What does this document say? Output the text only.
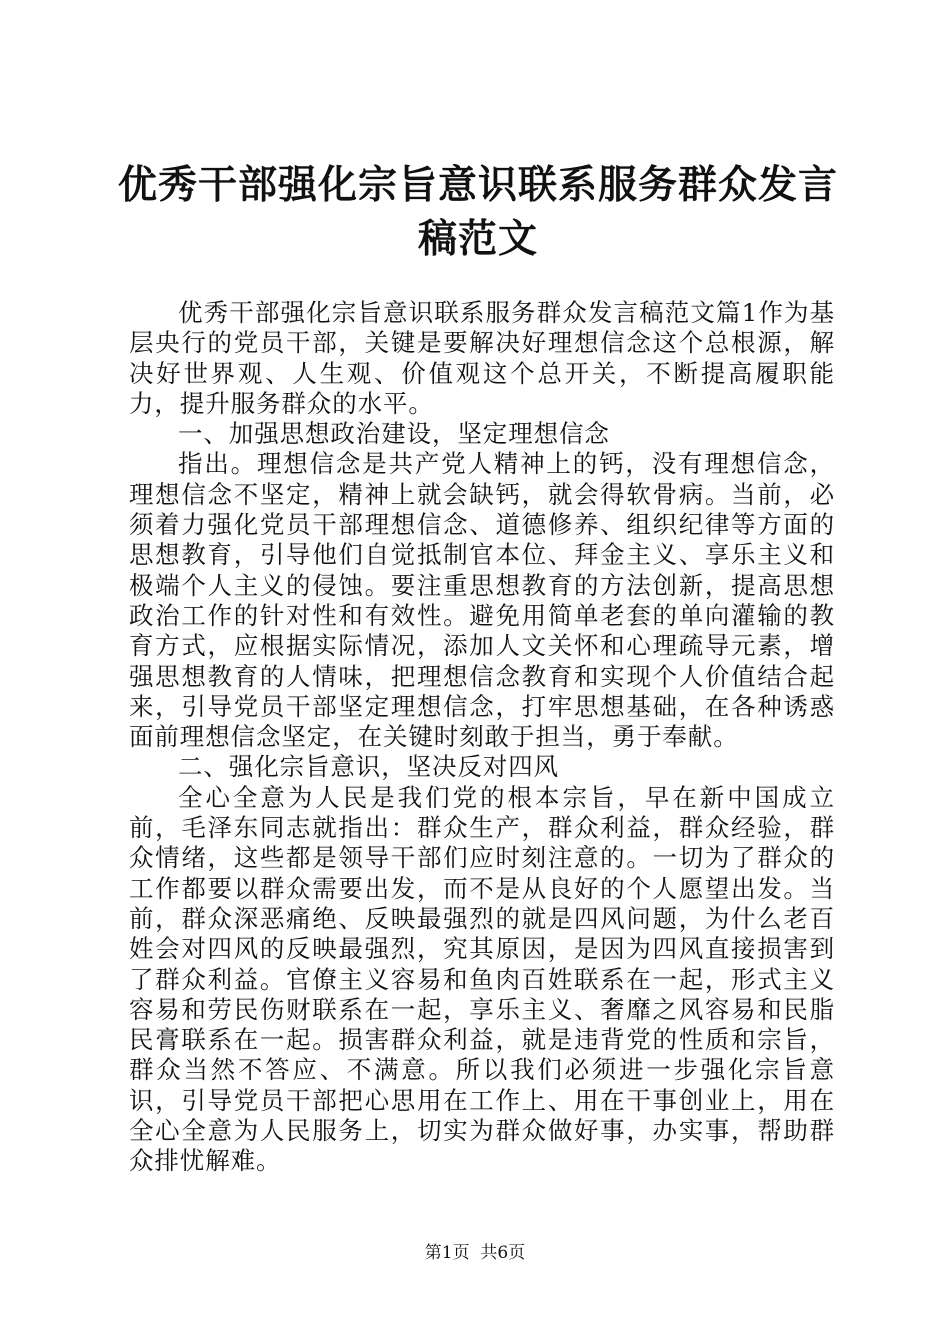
优秀干部强化宗旨意识联系服务群众发言稿范文

优秀干部强化宗旨意识联系服务群众发言稿范文篇1作为基层央行的党员干部，关键是要解决好理想信念这个总根源，解决好世界观、人生观、价值观这个总开关，不断提高履职能力，提升服务群众的水平。

一、加强思想政治建设，坚定理想信念

指出。理想信念是共产党人精神上的钙，没有理想信念，理想信念不坚定，精神上就会缺钙，就会得软骨病。当前，必须着力强化党员干部理想信念、道德修养、组织纪律等方面的思想教育，引导他们自觉抵制官本位、拜金主义、享乐主义和极端个人主义的侵蚀。要注重思想教育的方法创新，提高思想政治工作的针对性和有效性。避免用简单老套的单向灌输的教育方式，应根据实际情况，添加人文关怀和心理疏导元素，增强思想教育的人情味，把理想信念教育和实现个人价值结合起来，引导党员干部坚定理想信念，打牢思想基础，在各种诱惑面前理想信念坚定，在关键时刻敢于担当，勇于奉献。

二、强化宗旨意识，坚决反对四风

全心全意为人民是我们党的根本宗旨，早在新中国成立前，毛泽东同志就指出：群众生产，群众利益，群众经验，群众情绪，这些都是领导干部们应时刻注意的。一切为了群众的工作都要以群众需要出发，而不是从良好的个人愿望出发。当前，群众深恶痛绝、反映最强烈的就是四风问题，为什么老百姓会对四风的反映最强烈，究其原因，是因为四风直接损害到了群众利益。官僚主义容易和鱼肉百姓联系在一起，形式主义容易和劳民伤财联系在一起，享乐主义、奢靡之风容易和民脂民膏联系在一起。损害群众利益，就是违背党的性质和宗旨，群众当然不答应、不满意。所以我们必须进一步强化宗旨意识，引导党员干部把心思用在工作上、用在干事创业上，用在全心全意为人民服务上，切实为群众做好事，办实事，帮助群众排忧解难。

第1页 共6页
